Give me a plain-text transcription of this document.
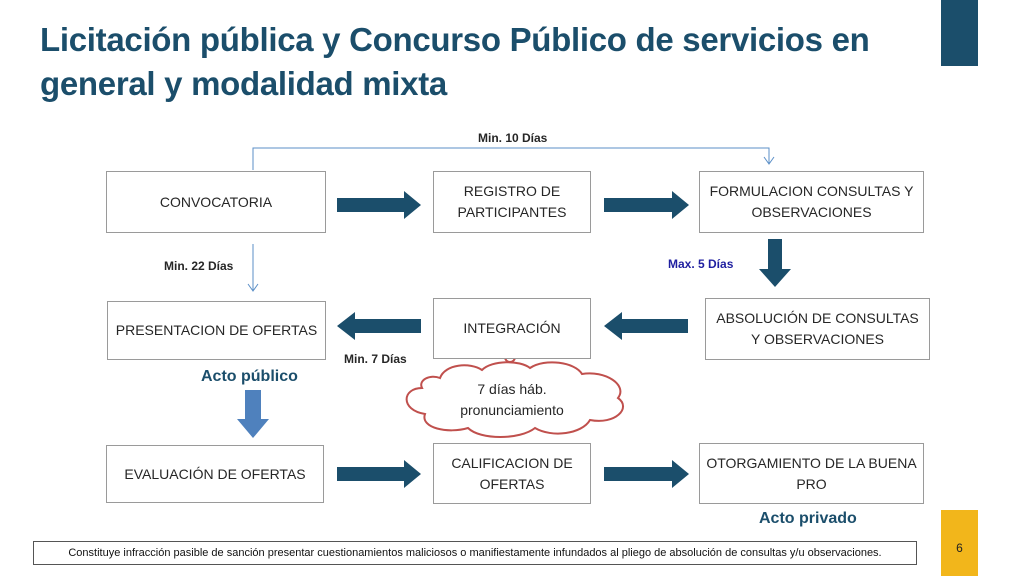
Licitación pública y Concurso Público de servicios en general y modalidad mixta
CONVOCATORIA
REGISTRO DE PARTICIPANTES
FORMULACION CONSULTAS Y OBSERVACIONES
PRESENTACION DE OFERTAS	INTEGRACIÓN
ABSOLUCIÓN DE CONSULTAS Y OBSERVACIONES
EVALUACIÓN DE OFERTAS
CALIFICACION DE OFERTAS
OTORGAMIENTO DE LA BUENA PRO
Min. 10 Días
Min. 22 Días	Max. 5 Días
Min. 7 Días
Acto público
Acto privado
7 días háb. pronunciamiento
Constituye infracción pasible de sanción presentar cuestionamientos maliciosos o manifiestamente infundados al pliego de absolución de consultas y/u observaciones.	6
